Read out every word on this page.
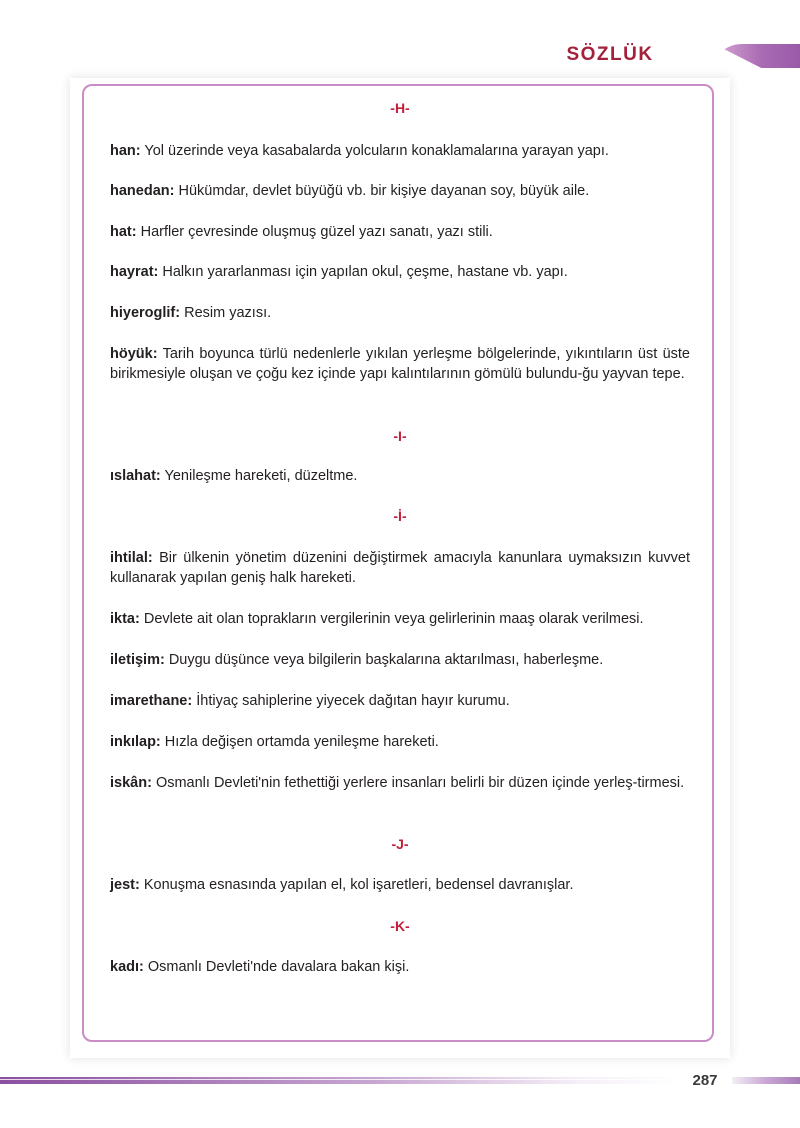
SÖZLÜK
-H-
han: Yol üzerinde veya kasabalarda yolcuların konaklamalarına yarayan yapı.
hanedan: Hükümdar, devlet büyüğü vb. bir kişiye dayanan soy, büyük aile.
hat: Harfler çevresinde oluşmuş güzel yazı sanatı, yazı stili.
hayrat: Halkın yararlanması için yapılan okul, çeşme, hastane vb. yapı.
hiyeroglif: Resim yazısı.
höyük: Tarih boyunca türlü nedenlerle yıkılan yerleşme bölgelerinde, yıkıntıların üst üste birikmesiyle oluşan ve çoğu kez içinde yapı kalıntılarının gömülü bulundu-ğu yayvan tepe.
-I-
ıslahat: Yenileşme hareketi, düzeltme.
-İ-
ihtilal: Bir ülkenin yönetim düzenini değiştirmek amacıyla kanunlara uymaksızın kuvvet kullanarak yapılan geniş halk hareketi.
ikta: Devlete ait olan toprakların vergilerinin veya gelirlerinin maaş olarak verilmesi.
iletişim: Duygu düşünce veya bilgilerin başkalarına aktarılması, haberleşme.
imarethane: İhtiyaç sahiplerine yiyecek dağıtan hayır kurumu.
inkılap: Hızla değişen ortamda yenileşme hareketi.
iskân: Osmanlı Devleti'nin fethettiği yerlere insanları belirli bir düzen içinde yerleş-tirmesi.
-J-
jest: Konuşma esnasında yapılan el, kol işaretleri, bedensel davranışlar.
-K-
kadı: Osmanlı Devleti'nde davalara bakan kişi.
287
